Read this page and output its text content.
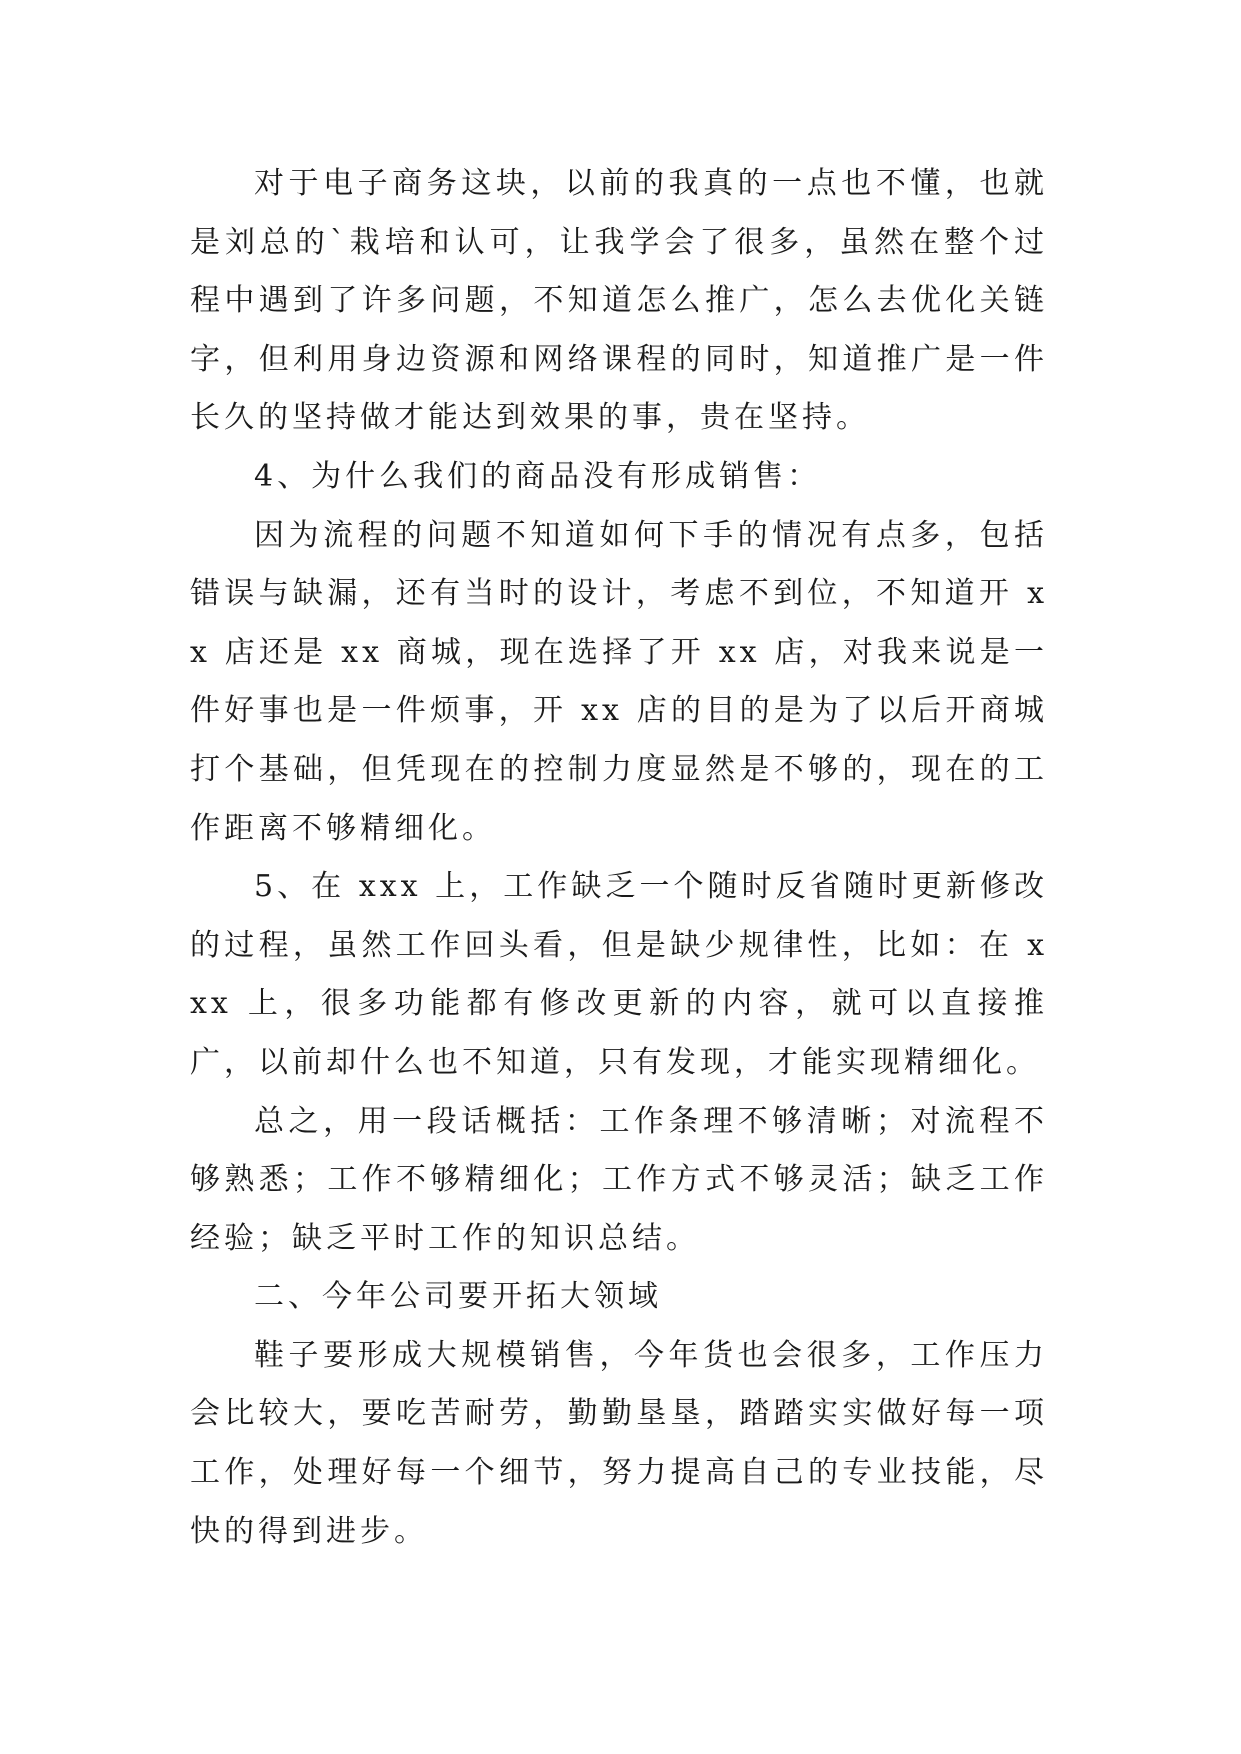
对于电子商务这块，以前的我真的一点也不懂，也就是刘总的`栽培和认可，让我学会了很多，虽然在整个过程中遇到了许多问题，不知道怎么推广，怎么去优化关链字，但利用身边资源和网络课程的同时，知道推广是一件长久的坚持做才能达到效果的事，贵在坚持。

4、为什么我们的商品没有形成销售：

因为流程的问题不知道如何下手的情况有点多，包括错误与缺漏，还有当时的设计，考虑不到位，不知道开 xx 店还是 xx 商城，现在选择了开 xx 店，对我来说是一件好事也是一件烦事，开 xx 店的目的是为了以后开商城打个基础，但凭现在的控制力度显然是不够的，现在的工作距离不够精细化。

5、在 xxx 上，工作缺乏一个随时反省随时更新修改的过程，虽然工作回头看，但是缺少规律性，比如：在 xxx 上，很多功能都有修改更新的内容，就可以直接推广，以前却什么也不知道，只有发现，才能实现精细化。

总之，用一段话概括：工作条理不够清晰；对流程不够熟悉；工作不够精细化；工作方式不够灵活；缺乏工作经验；缺乏平时工作的知识总结。

二、今年公司要开拓大领域

鞋子要形成大规模销售，今年货也会很多，工作压力会比较大，要吃苦耐劳，勤勤垦垦，踏踏实实做好每一项工作，处理好每一个细节，努力提高自己的专业技能，尽快的得到进步。
